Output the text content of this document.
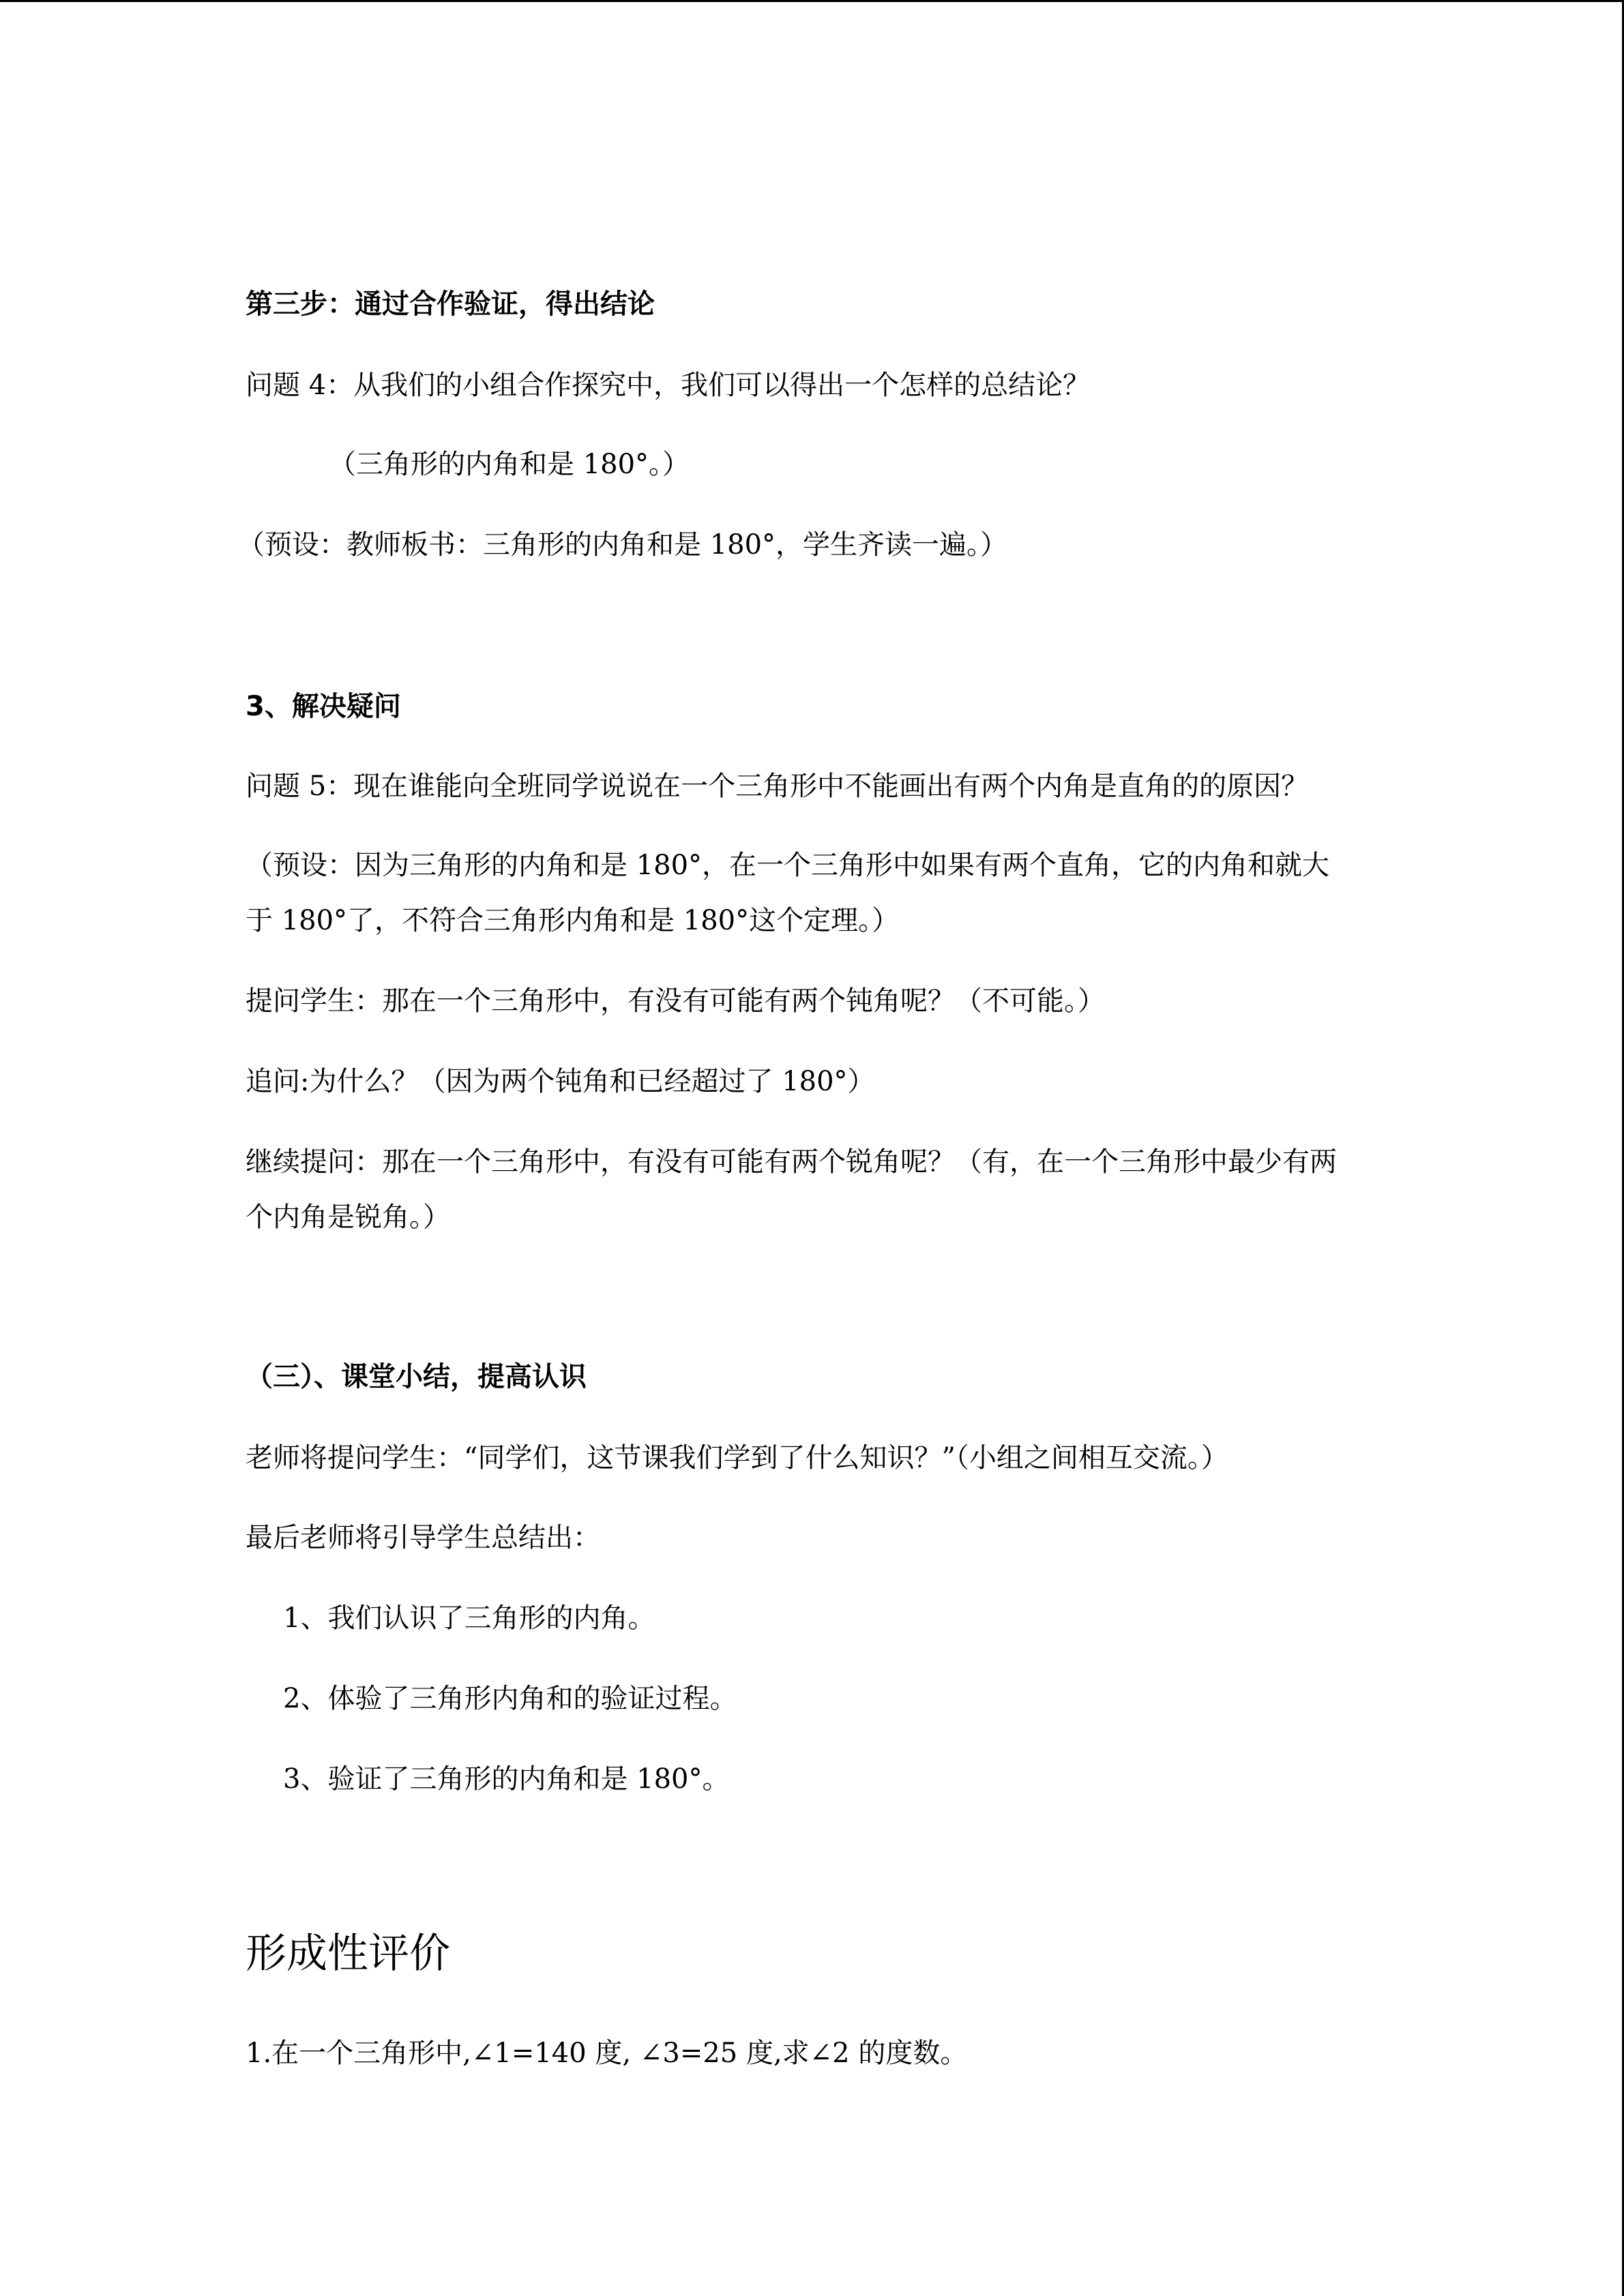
第三步：通过合作验证，得出结论
问题 4：从我们的小组合作探究中，我们可以得出一个怎样的总结论？
（三角形的内角和是 180°。）
（预设：教师板书：三角形的内角和是 180°，学生齐读一遍。）
3、解决疑问
问题 5：现在谁能向全班同学说说在一个三角形中不能画出有两个内角是直角的的原因？
（预设：因为三角形的内角和是 180°，在一个三角形中如果有两个直角，它的内角和就大
于 180°了，不符合三角形内角和是 180°这个定理。）
提问学生：那在一个三角形中，有没有可能有两个钝角呢？（不可能。）
追问:为什么？（因为两个钝角和已经超过了 180°）
继续提问：那在一个三角形中，有没有可能有两个锐角呢？（有，在一个三角形中最少有两
个内角是锐角。）
（三）、课堂小结，提高认识
老师将提问学生：“同学们，这节课我们学到了什么知识？”（小组之间相互交流。）
最后老师将引导学生总结出：
1、我们认识了三角形的内角。
2、体验了三角形内角和的验证过程。
3、验证了三角形的内角和是 180°。
形成性评价
1.在一个三角形中,∠1=140 度, ∠3=25 度,求∠2 的度数。
